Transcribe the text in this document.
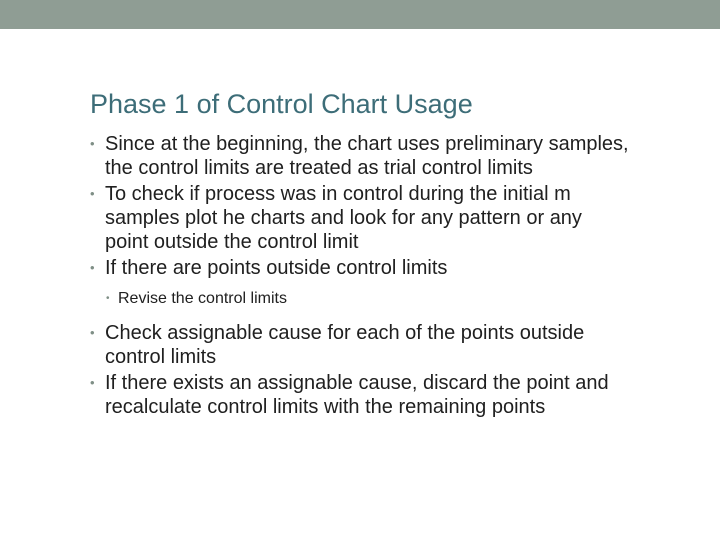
Phase 1 of Control Chart Usage
• Since at the beginning, the chart uses preliminary samples, the control limits are treated as trial control limits
• To check if process was in control during the initial m samples plot he charts and look for any pattern or any point outside the control limit
• If there are points outside control limits
• Revise the control limits
• Check assignable cause for each of the points outside control limits
• If there exists an assignable cause, discard the point and recalculate control limits with the remaining points
